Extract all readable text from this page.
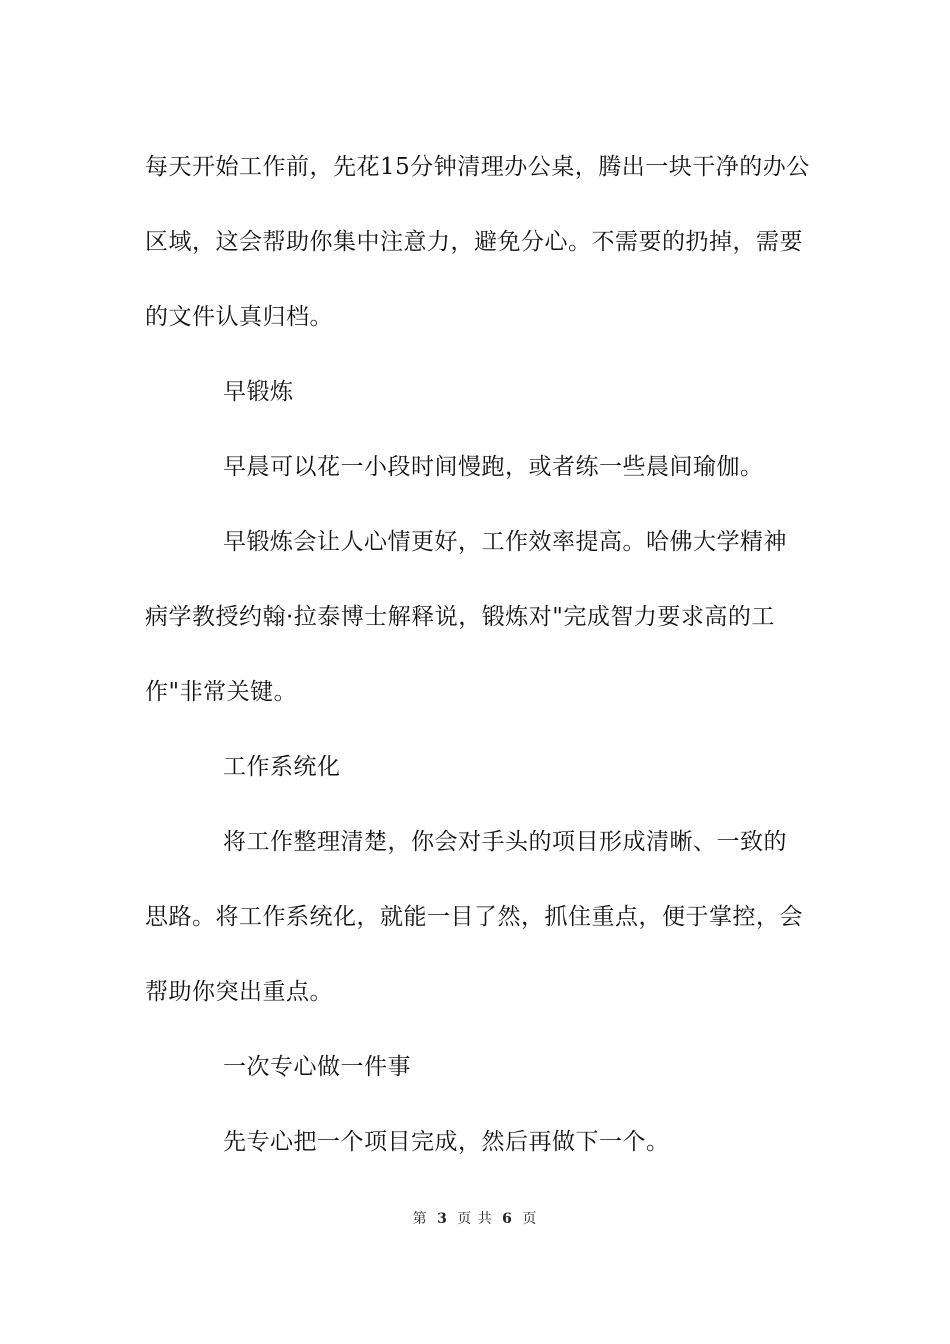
每天开始工作前，先花15分钟清理办公桌，腾出一块干净的办公区域，这会帮助你集中注意力，避免分心。不需要的扔掉，需要的文件认真归档。

早锻炼

早晨可以花一小段时间慢跑，或者练一些晨间瑜伽。

早锻炼会让人心情更好，工作效率提高。哈佛大学精神病学教授约翰·拉泰博士解释说，锻炼对"完成智力要求高的工作"非常关键。

工作系统化

将工作整理清楚，你会对手头的项目形成清晰、一致的思路。将工作系统化，就能一目了然，抓住重点，便于掌控，会帮助你突出重点。

一次专心做一件事

先专心把一个项目完成，然后再做下一个。

第 3 页 共 6 页
